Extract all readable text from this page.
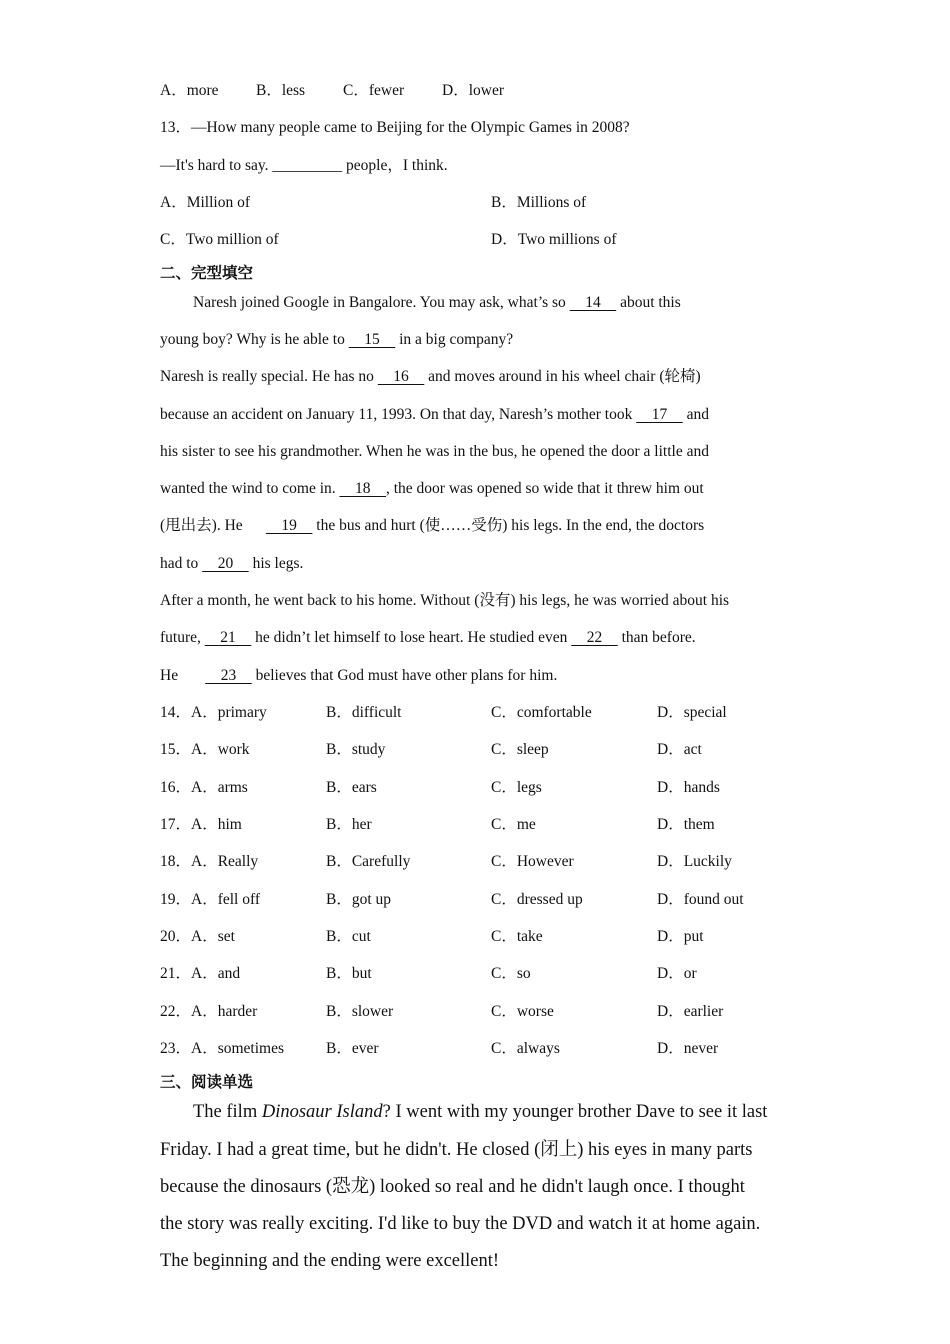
A．more B．less C．fewer D．lower
13．—How many people came to Beijing for the Olympic Games in 2008?
—It's hard to say. _________ people，I think.
A．Million of	B．Millions of
C．Two million of	D．Two millions of
二、完型填空
Naresh joined Google in Bangalore. You may ask, what’s so     14     about this
young boy? Why is he able to     15     in a big company?
Naresh is really special. He has no     16     and moves around in his wheel chair (轮椅)
because an accident on January 11, 1993. On that day, Naresh’s mother took     17     and
his sister to see his grandmother. When he was in the bus, he opened the door a little and
wanted the wind to come in.     18    , the door was opened so wide that it threw him out
(甩出去). He          19     the bus and hurt (使……受伤) his legs. In the end, the doctors
had to     20     his legs.
After a month, he went back to his home. Without (没有) his legs, he was worried about his
future,     21     he didn’t let himself to lose heart. He studied even     22     than before.
He           23     believes that God must have other plans for him.
14．A．primary	B．difficult	C．comfortable	D．special
15．A．work	B．study	C．sleep	D．act
16．A．arms	B．ears	C．legs	D．hands
17．A．him	B．her	C．me	D．them
18．A．Really	B．Carefully	C．However	D．Luckily
19．A．fell off	B．got up	C．dressed up	D．found out
20．A．set	B．cut	C．take	D．put
21．A．and	B．but	C．so	D．or
22．A．harder	B．slower	C．worse	D．earlier
23．A．sometimes	B．ever	C．always	D．never
三、阅读单选
The film Dinosaur Island? I went with my younger brother Dave to see it last
Friday. I had a great time, but he didn't. He closed (闭上) his eyes in many parts
because the dinosaurs (恐龙) looked so real and he didn't laugh once. I thought
the story was really exciting. I'd like to buy the DVD and watch it at home again.
The beginning and the ending were excellent!
